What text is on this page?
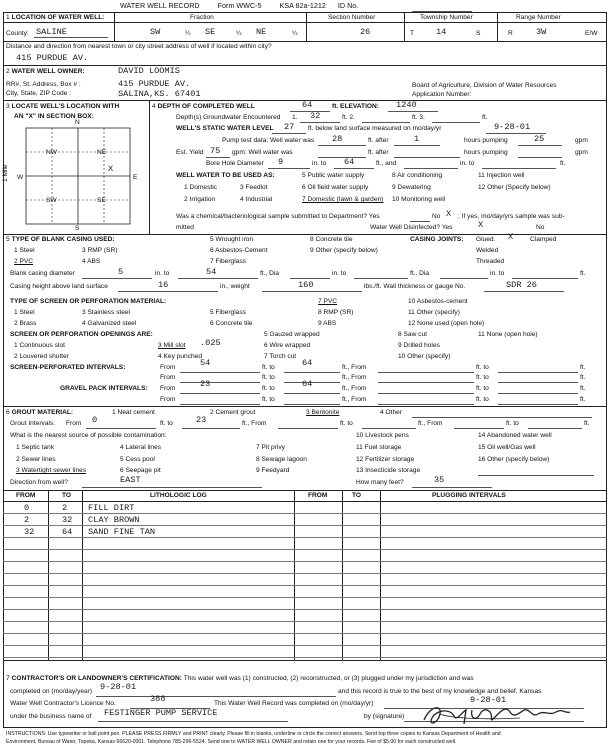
WATER WELL RECORD	Form WWC-5	KSA 82a-1212 ID No.
1 LOCATION OF WATER WELL:	Fraction	Section Number	Township Number	Range Number
County: SALINE	SW	¼ SE	¼ NE	¼	26	T	14	S	R	3W	E/W
Distance and direction from nearest town or city street address of well if located within city?
415 PURDUE AV.
2 WATER WELL OWNER:	DAVID LOOMIS
RR#, St. Address, Box # :	415 PURDUE AV.
City, State, ZIP Code :	SALINA,KS. 67401
Board of Agriculture, Division of Water Resources
Application Number:
3 LOCATE WELL'S LOCATION WITH
AN "X" IN SECTION BOX:
N
S
W	E
NW	NE
SW	SE
X
1 Mile
4 DEPTH OF COMPLETED WELL	64	ft. ELEVATION: 1240
Depth(s) Groundwater Encountered 1. 32	ft. 2.	ft. 3.	ft.
WELL'S STATIC WATER LEVEL 27 ft. below land surface measured on mo/day/yr	9-28-01
Pump test data: Well water was 28	ft. after	1	hours pumping	25	gpm
Est. Yield 75 gpm: Well water was	ft. after	hours pumping	gpm
Bore Hole Diameter 9	in. to 64	ft., and	in. to	ft.
WELL WATER TO BE USED AS:	5 Public water supply	8 Air conditioning	11 Injection well
1 Domestic	3 Feedlot	6 Oil field water supply	9 Dewatering	12 Other (Specify below)
2 Irrigation	4 Industrial	7 Domestic (lawn & garden) 10 Monitoring well
Was a chemical/bacteriological sample submitted to Department? Yes	No X ; If yes, mo/day/yrs sample was sub-
mitted	Water Well Disinfected? Yes	X	No
5 TYPE OF BLANK CASING USED:	5 Wrought iron	8 Concrete tile	CASING JOINTS: Glued. X	Clamped
1 Steel	3 RMP (SR)	6 Asbestos-Cement	9 Other (specify below)	Welded
2 PVC	4 ABS	7 Fiberglass	Threaded
Blank casing diameter	5	in. to	54	ft., Dia	in. to	ft., Dia	in. to	ft.
Casing height above land surface	16	in., weight	160	lbs./ft. Wall thickness or gauge No.	SDR 26
TYPE OF SCREEN OR PERFORATION MATERIAL:	7 PVC	10 Asbestos-cement
1 Steel	3 Stainless steel	5 Fiberglass	8 RMP (SR)	11 Other (specify)
2 Brass	4 Galvanized steel	6 Concrete tile	9 ABS	12 None used (open hole)
SCREEN OR PERFORATION OPENINGS ARE:	5 Gauzed wrapped	8 Saw cut	11 None (open hole)
1 Continuous slot	3 Mill slot .025	6 Wire wrapped	9 Drilled holes
2 Louvered shutter	4 Key punched	7 Torch cut	10 Other (specify)
SCREEN-PERFORATED INTERVALS:	From	54	ft. to	64	ft., From	ft. to	ft.
From	ft. to	ft., From	ft. to	ft.
GRAVEL PACK INTERVALS: From	23	ft. to	64	ft., From	ft. to	ft.
From	ft. to	ft., From	ft. to	ft.
6 GROUT MATERIAL:	1 Neat cement	2 Cement grout	3 Bentonite	4 Other
Grout Intervals: From 0	ft. to	23	ft., From	ft. to	ft., From	ft. to	ft.
What is the nearest source of possible contamination:	10 Livestock pens	14 Abandoned water well
1 Septic tank	4 Lateral lines	7 Pit privy	11 Fuel storage	15 Oil well/Gas well
2 Sewer lines	5 Cess pool	8 Sewage lagoon	12 Fertilizer storage	16 Other (specify below)
3 Watertight sewer lines	6 Seepage pit	9 Feedyard	13 Insecticide storage
Direction from well?	EAST	How many feet?	35
FROM	TO	LITHOLOGIC LOG	FROM	TO	PLUGGING INTERVALS
0	2 FILL DIRT
2	32 CLAY BROWN
32	64 SAND FINE TAN
7 CONTRACTOR'S OR LANDOWNER'S CERTIFICATION: This water well was (1) constructed, (2) reconstructed, or (3) plugged under my jurisdiction and was
completed on (mo/day/year) 9-28-01	and this record is true to the best of my knowledge and belief. Kansas
Water Well Contractor's Licence No.	388	This Water Well Record was completed on (mo/day/yr)	9-28-01
under the business name of FESTINGER PUMP SERVICE	by (signature)
INSTRUCTIONS: Use typewriter or ball point pen. PLEASE PRESS FIRMLY and PRINT clearly. Please fill in blanks, underline or circle the correct answers. Send top three copies to Kansas Department of Health and
Environment, Bureau of Water, Topeka, Kansas 66620-0001. Telephone 785-296-5524. Send one to WATER WELL OWNER and retain one for your records. Fee of $5.00 for each constructed well.
